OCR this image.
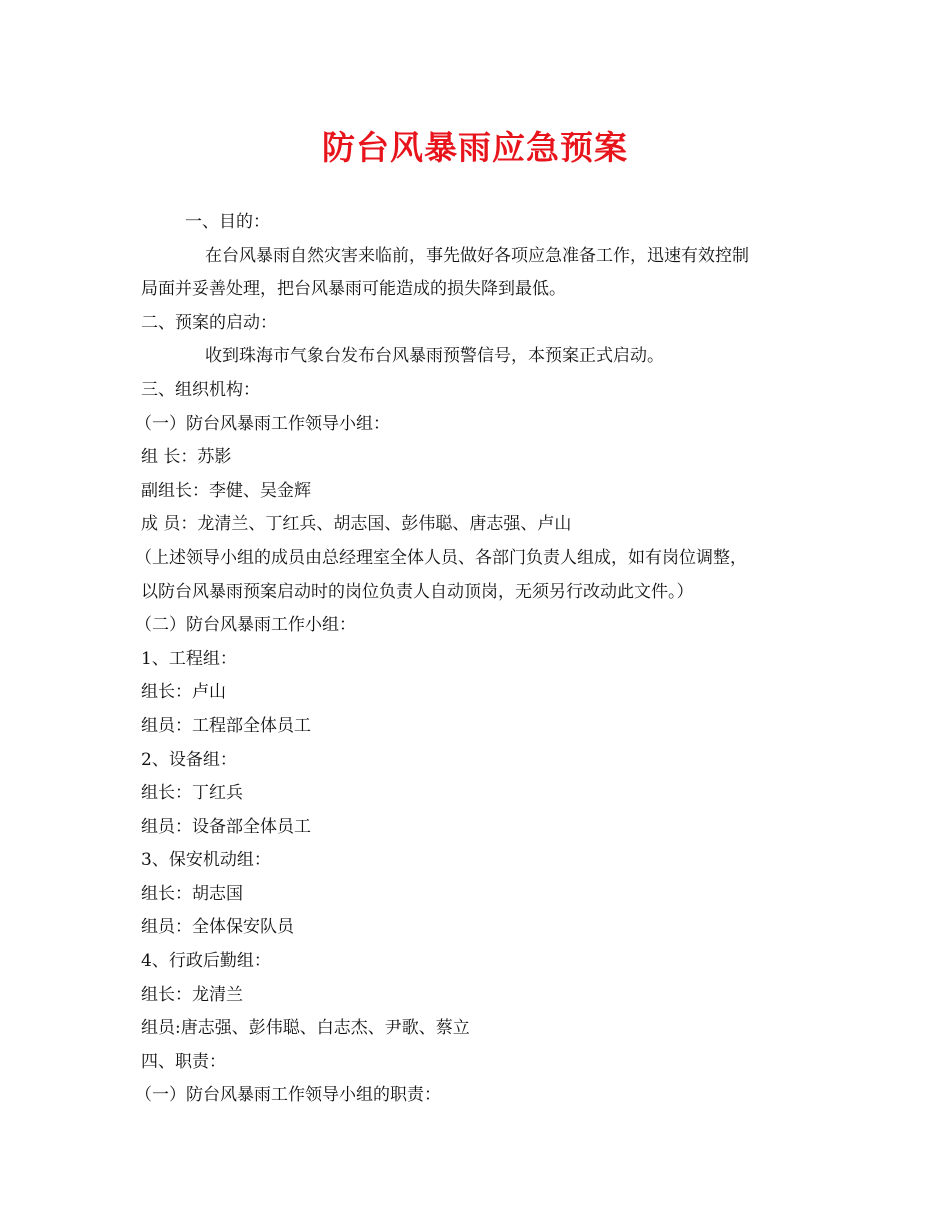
防台风暴雨应急预案
一、目的：
在台风暴雨自然灾害来临前，事先做好各项应急准备工作，迅速有效控制
局面并妥善处理，把台风暴雨可能造成的损失降到最低。
二、预案的启动：
收到珠海市气象台发布台风暴雨预警信号，本预案正式启动。
三、组织机构：
（一）防台风暴雨工作领导小组：
组 长：苏影
副组长：李健、吴金辉
成 员：龙清兰、丁红兵、胡志国、彭伟聪、唐志强、卢山
（上述领导小组的成员由总经理室全体人员、各部门负责人组成，如有岗位调整，
以防台风暴雨预案启动时的岗位负责人自动顶岗，无须另行改动此文件。）
（二）防台风暴雨工作小组：
1、工程组：
组长：卢山
组员：工程部全体员工
2、设备组：
组长：丁红兵
组员：设备部全体员工
3、保安机动组：
组长：胡志国
组员：全体保安队员
4、行政后勤组：
组长：龙清兰
组员:唐志强、彭伟聪、白志杰、尹歌、蔡立
四、职责：
（一）防台风暴雨工作领导小组的职责：
